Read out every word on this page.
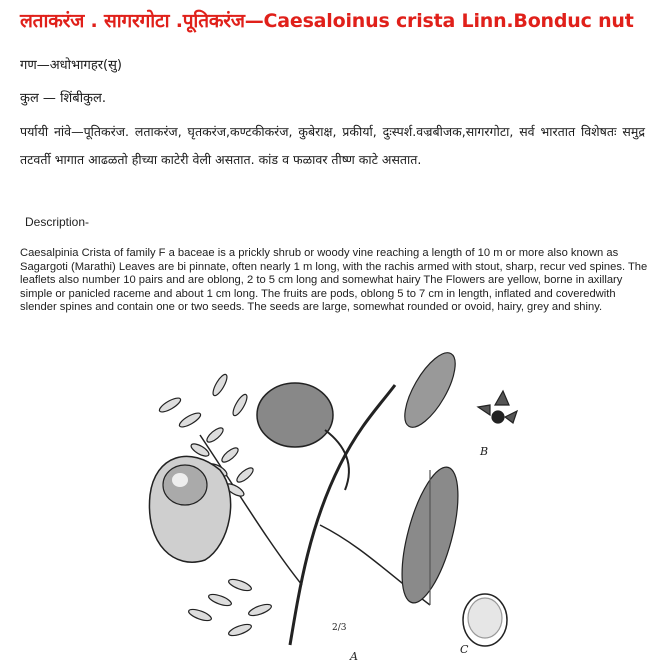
लताकरंज . सागरगोटा .पूतिकरंज—Caesaloinus crista Linn.Bonduc nut
गण—अधोभागहर(सु)
कुल — शिंबीकुल.
पर्यायी नांवे—पूतिकरंज. लताकरंज, घृतकरंज,कण्टकीकरंज, कुबेराक्ष, प्रकीर्या, दुःस्पर्श.वज्रबीजक,सागरगोटा, सर्व भारतात विशेषतः समुद्र तटवर्ती भागात आढळतो हीच्या काटेरी वेली असतात. कांड व फळावर तीष्ण काटे असतात.
Description-
Caesalpinia Crista of family F a baceae is a prickly shrub or woody vine reaching a length of 10 m or more also known as Sagargoti (Marathi) Leaves are bi pinnate, often nearly 1 m long, with the rachis armed with stout, sharp, recur ved spines. The leaflets also number 10 pairs and are oblong, 2 to 5 cm long and somewhat hairy The Flowers are yellow, borne in axillary simple or panicled raceme and about 1 cm long. The fruits are pods, oblong 5 to 7 cm in length, inflated and coveredwith slender spines and contain one or two seeds. The seeds are large, somewhat rounded or ovoid, hairy, grey and shiny.
A
B
C
2/3
